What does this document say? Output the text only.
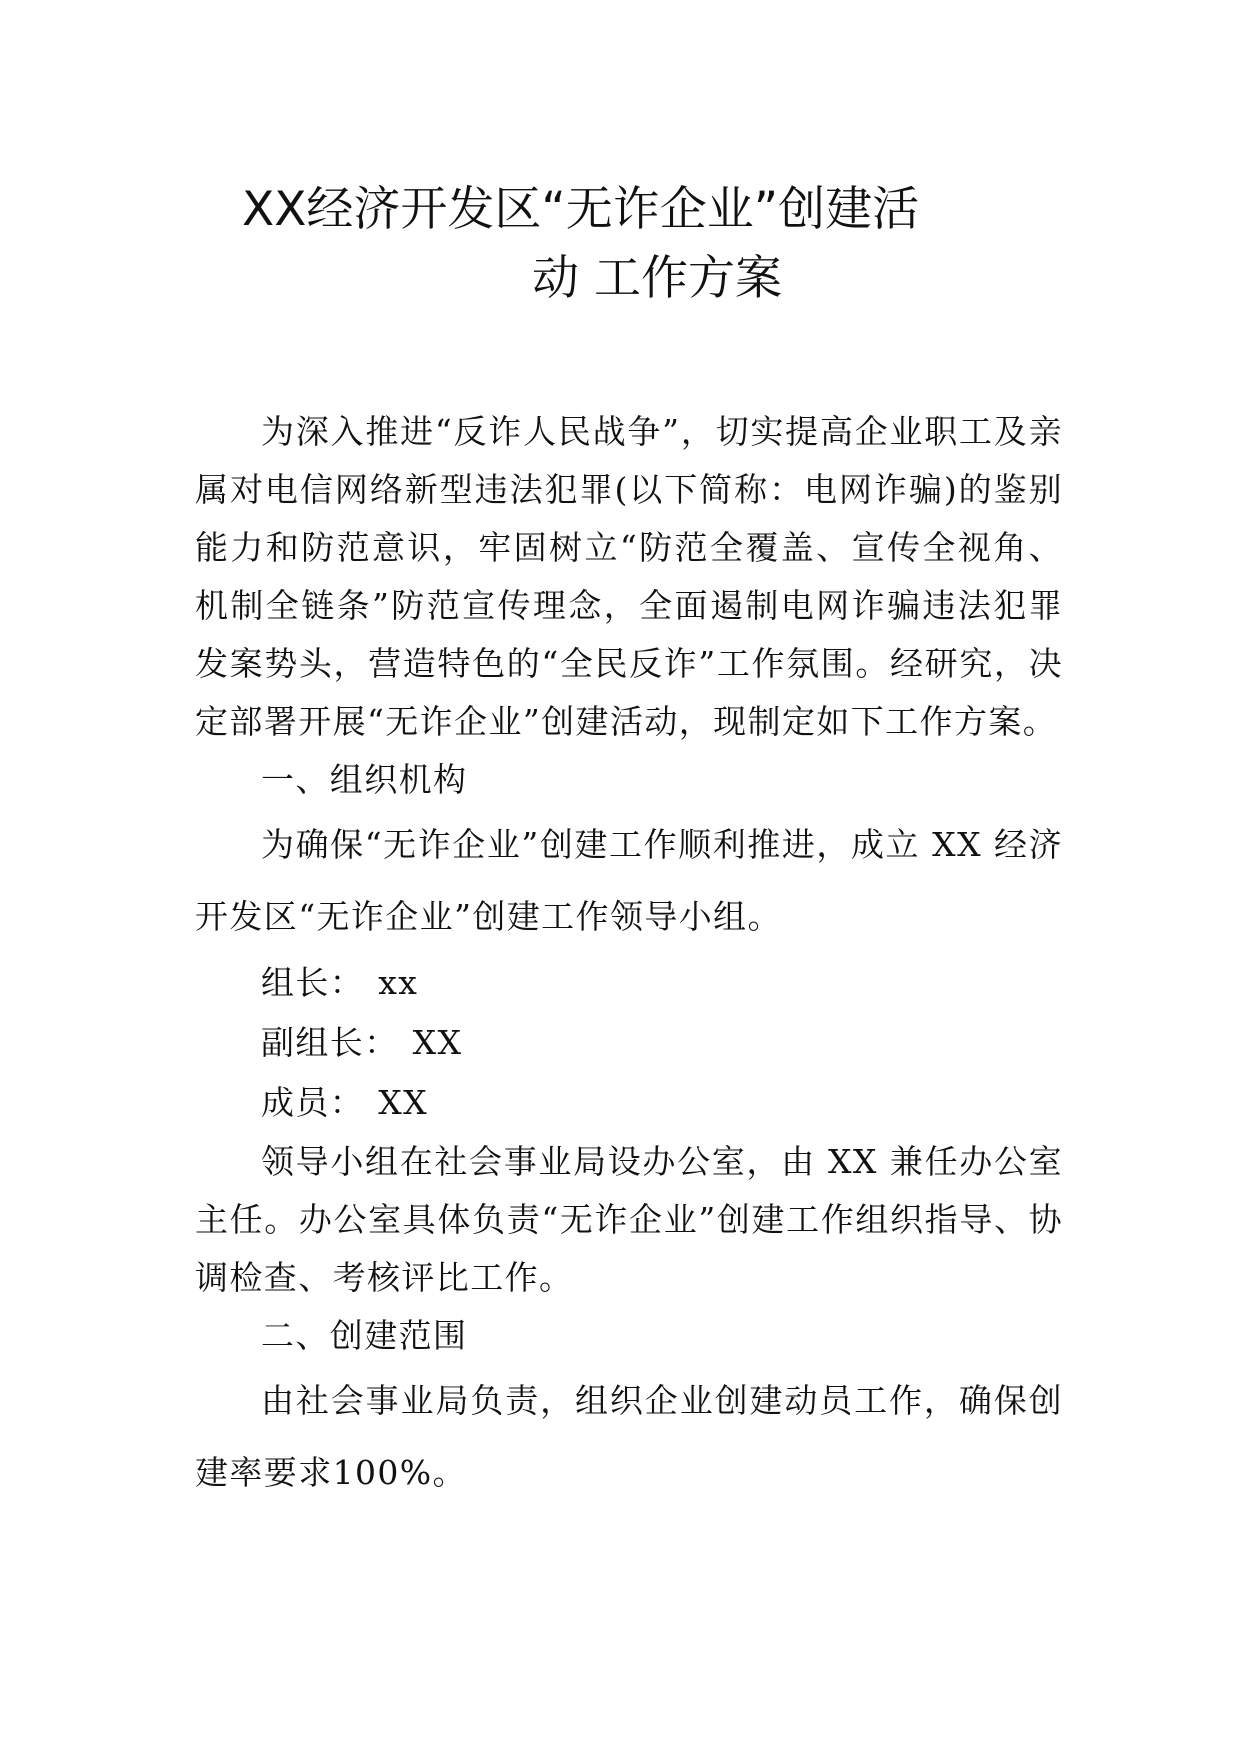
XX经济开发区“无诈企业”创建活
动 工作方案

为深入推进“反诈人民战争”，切实提高企业职工及亲属对电信网络新型违法犯罪(以下简称：电网诈骗)的鉴别能力和防范意识，牢固树立“防范全覆盖、宣传全视角、机制全链条”防范宣传理念，全面遏制电网诈骗违法犯罪发案势头，营造特色的“全民反诈”工作氛围。经研究，决定部署开展“无诈企业”创建活动，现制定如下工作方案。

一、组织机构

为确保“无诈企业”创建工作顺利推进，成立 XX 经济开发区“无诈企业”创建工作领导小组。

组长： xx

副组长： XX

成员： XX

领导小组在社会事业局设办公室，由 XX 兼任办公室主任。办公室具体负责“无诈企业”创建工作组织指导、协调检查、考核评比工作。

二、创建范围

由社会事业局负责，组织企业创建动员工作，确保创建率要求100%。
